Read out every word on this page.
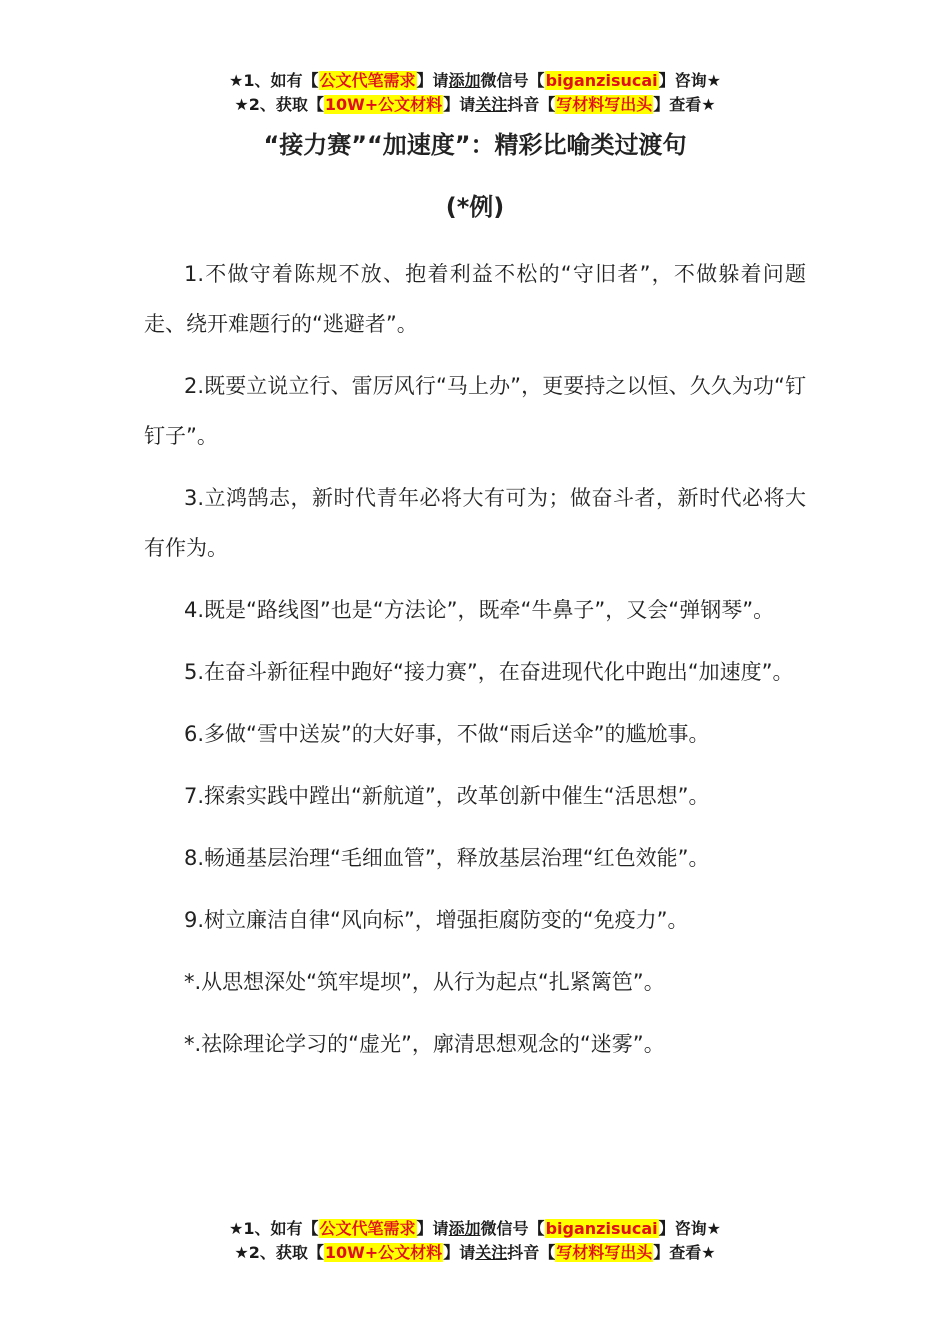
★1、如有【公文代笔需求】请添加微信号【biganzisucai】咨询★
★2、获取【10W+公文材料】请关注抖音【写材料写出头】查看★
“接力赛”“加速度”：精彩比喻类过渡句
(*例)

1.不做守着陈规不放、抱着利益不松的“守旧者”，不做躲着问题走、绕开难题行的“逃避者”。

2.既要立说立行、雷厉风行“马上办”，更要持之以恒、久久为功“钉钉子”。

3.立鸿鹄志，新时代青年必将大有可为；做奋斗者，新时代必将大有作为。

4.既是“路线图”也是“方法论”，既牵“牛鼻子”，又会“弹钢琴”。

5.在奋斗新征程中跑好“接力赛”，在奋进现代化中跑出“加速度”。

6.多做“雪中送炭”的大好事，不做“雨后送伞”的尴尬事。

7.探索实践中蹚出“新航道”，改革创新中催生“活思想”。

8.畅通基层治理“毛细血管”，释放基层治理“红色效能”。

9.树立廉洁自律“风向标”，增强拒腐防变的“免疫力”。

*.从思想深处“筑牢堤坝”，从行为起点“扎紧篱笆”。

*.祛除理论学习的“虚光”，廓清思想观念的“迷雾”。

★1、如有【公文代笔需求】请添加微信号【biganzisucai】咨询★
★2、获取【10W+公文材料】请关注抖音【写材料写出头】查看★
